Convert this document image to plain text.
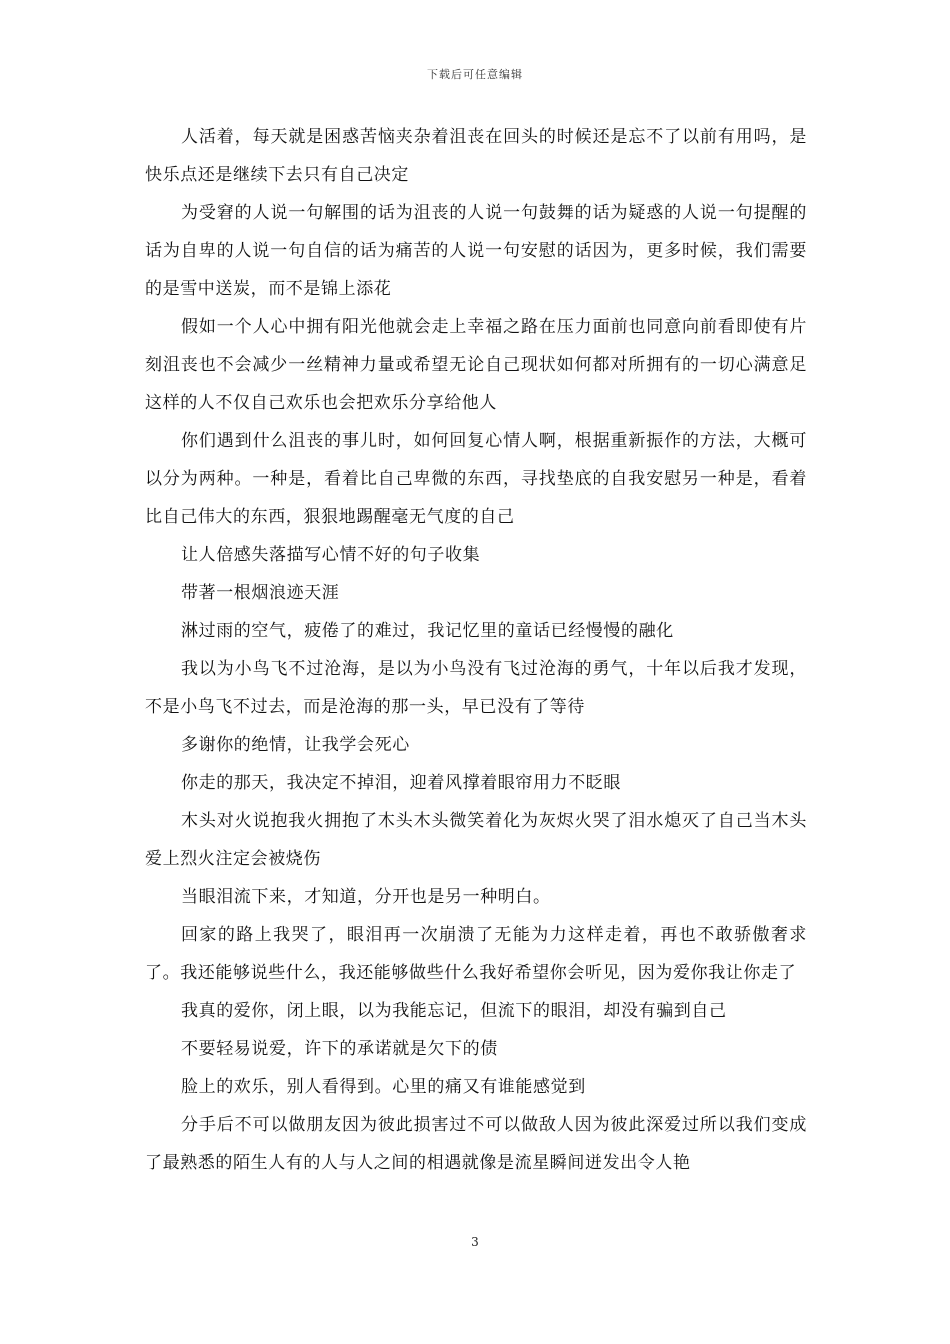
下载后可任意编辑

人活着，每天就是困惑苦恼夹杂着沮丧在回头的时候还是忘不了以前有用吗，是快乐点还是继续下去只有自己决定

为受窘的人说一句解围的话为沮丧的人说一句鼓舞的话为疑惑的人说一句提醒的话为自卑的人说一句自信的话为痛苦的人说一句安慰的话因为，更多时候，我们需要的是雪中送炭，而不是锦上添花

假如一个人心中拥有阳光他就会走上幸福之路在压力面前也同意向前看即使有片刻沮丧也不会减少一丝精神力量或希望无论自己现状如何都对所拥有的一切心满意足这样的人不仅自己欢乐也会把欢乐分享给他人

你们遇到什么沮丧的事儿时，如何回复心情人啊，根据重新振作的方法，大概可以分为两种。一种是，看着比自己卑微的东西，寻找垫底的自我安慰另一种是，看着比自己伟大的东西，狠狠地踢醒毫无气度的自己

让人倍感失落描写心情不好的句子收集

带著一根烟浪迹天涯

淋过雨的空气，疲倦了的难过，我记忆里的童话已经慢慢的融化

我以为小鸟飞不过沧海，是以为小鸟没有飞过沧海的勇气，十年以后我才发现，不是小鸟飞不过去，而是沧海的那一头，早已没有了等待

多谢你的绝情，让我学会死心

你走的那天，我决定不掉泪，迎着风撑着眼帘用力不眨眼

木头对火说抱我火拥抱了木头木头微笑着化为灰烬火哭了泪水熄灭了自己当木头爱上烈火注定会被烧伤

当眼泪流下来，才知道，分开也是另一种明白。

回家的路上我哭了，眼泪再一次崩溃了无能为力这样走着，再也不敢骄傲奢求了。我还能够说些什么，我还能够做些什么我好希望你会听见，因为爱你我让你走了

我真的爱你，闭上眼，以为我能忘记，但流下的眼泪，却没有骗到自己

不要轻易说爱，许下的承诺就是欠下的债

脸上的欢乐，别人看得到。心里的痛又有谁能感觉到

分手后不可以做朋友因为彼此损害过不可以做敌人因为彼此深爱过所以我们变成了最熟悉的陌生人有的人与人之间的相遇就像是流星瞬间迸发出令人艳

3
